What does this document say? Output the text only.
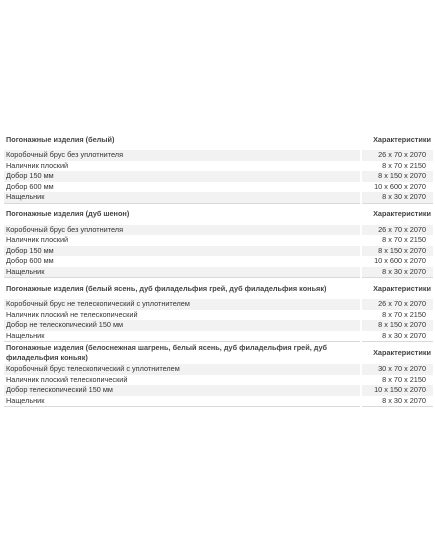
Погонажные изделия (белый)	Характеристики
Коробочный брус без уплотнителя	26 x 70 x 2070
Наличник плоский	8 x 70 x 2150
Добор 150 мм	8 x 150 x 2070
Добор 600 мм	10 x 600 x 2070
Нащельник	8 x 30 x 2070
Погонажные изделия (дуб шенон)	Характеристики
Коробочный брус без уплотнителя	26 x 70 x 2070
Наличник плоский	8 x 70 x 2150
Добор 150 мм	8 x 150 x 2070
Добор 600 мм	10 x 600 x 2070
Нащельник	8 x 30 x 2070
Погонажные изделия (белый ясень, дуб филадельфия грей, дуб филадельфия коньяк)	Характеристики
Коробочный брус не телескопический с уплотнителем	26 x 70 x 2070
Наличник плоский не телескопический	8 x 70 x 2150
Добор не телескопический 150 мм	8 x 150 x 2070
Нащельник	8 x 30 x 2070
Погонажные изделия (белоснежная шагрень, белый ясень, дуб филадельфия грей, дуб филадельфия коньяк)	Характеристики
Коробочный брус телескопический с уплотнителем	30 x 70 x 2070
Наличник плоский телескопический	8 x 70 x 2150
Добор телескопический 150 мм	10 x 150 x 2070
Нащельник	8 x 30 x 2070
